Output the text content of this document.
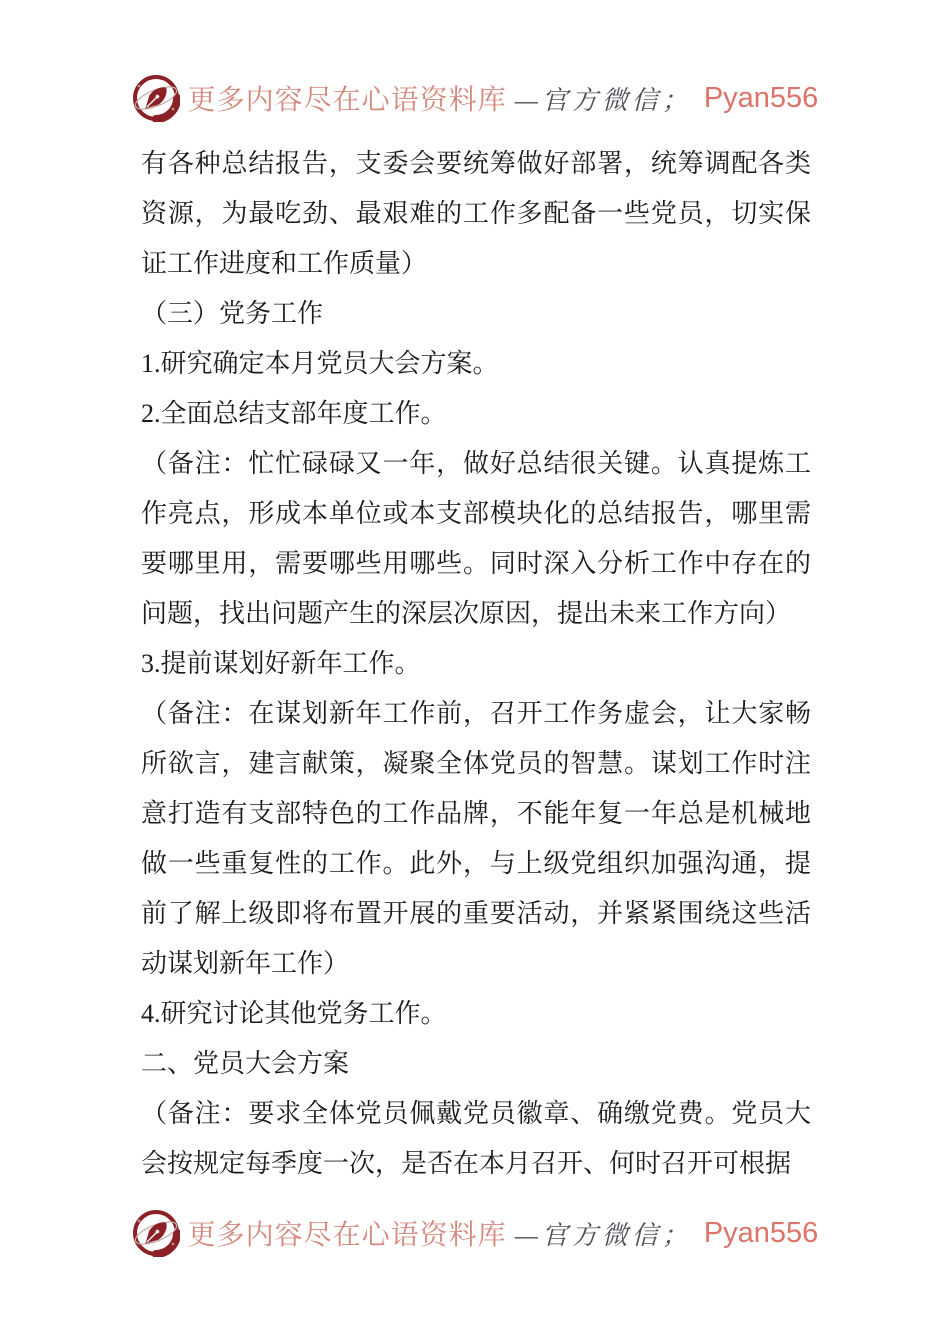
更多内容尽在心语资料库 —官方微信； Pyan556

有各种总结报告，支委会要统筹做好部署，统筹调配各类资源，为最吃劲、最艰难的工作多配备一些党员，切实保证工作进度和工作质量）

（三）党务工作

1.研究确定本月党员大会方案。

2.全面总结支部年度工作。

（备注：忙忙碌碌又一年，做好总结很关键。认真提炼工作亮点，形成本单位或本支部模块化的总结报告，哪里需要哪里用，需要哪些用哪些。同时深入分析工作中存在的问题，找出问题产生的深层次原因，提出未来工作方向）

3.提前谋划好新年工作。

（备注：在谋划新年工作前，召开工作务虚会，让大家畅所欲言，建言献策，凝聚全体党员的智慧。谋划工作时注意打造有支部特色的工作品牌，不能年复一年总是机械地做一些重复性的工作。此外，与上级党组织加强沟通，提前了解上级即将布置开展的重要活动，并紧紧围绕这些活动谋划新年工作）

4.研究讨论其他党务工作。

二、党员大会方案

（备注：要求全体党员佩戴党员徽章、确缴党费。党员大会按规定每季度一次，是否在本月召开、何时召开可根据

更多内容尽在心语资料库 —官方微信； Pyan556
